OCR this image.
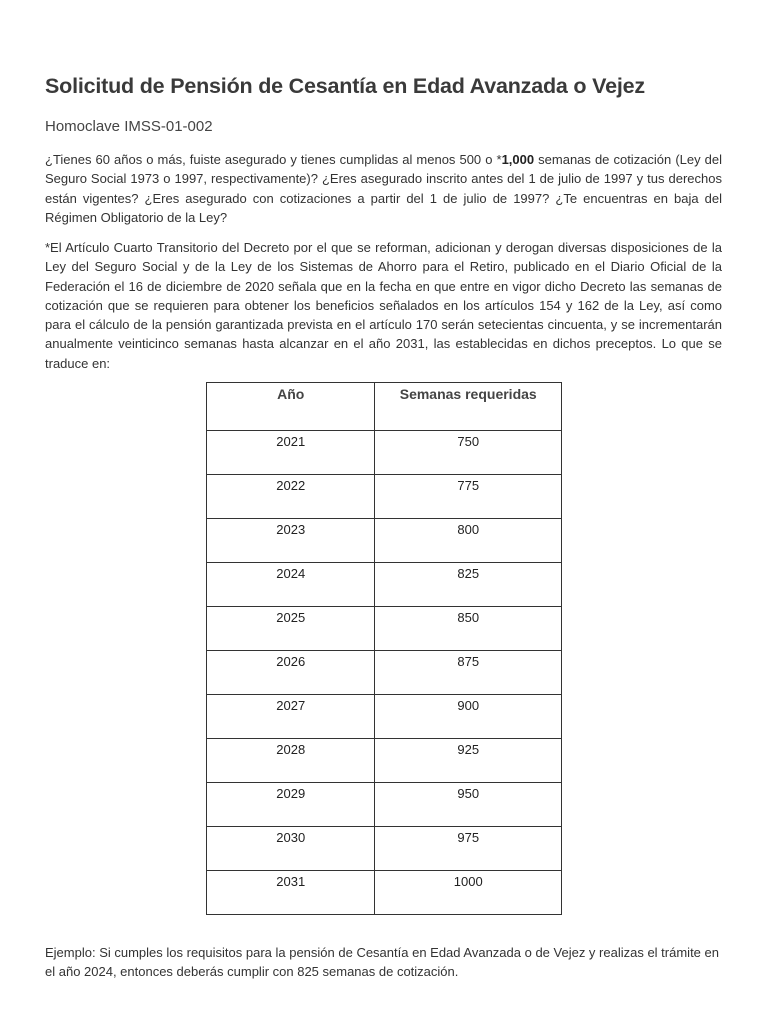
Solicitud de Pensión de Cesantía en Edad Avanzada o Vejez

Homoclave IMSS-01-002

¿Tienes 60 años o más, fuiste asegurado y tienes cumplidas al menos 500 o *1,000 semanas de cotización (Ley del Seguro Social 1973 o 1997, respectivamente)? ¿Eres asegurado inscrito antes del 1 de julio de 1997 y tus derechos están vigentes? ¿Eres asegurado con cotizaciones a partir del 1 de julio de 1997? ¿Te encuentras en baja del Régimen Obligatorio de la Ley?

*El Artículo Cuarto Transitorio del Decreto por el que se reforman, adicionan y derogan diversas disposiciones de la Ley del Seguro Social y de la Ley de los Sistemas de Ahorro para el Retiro, publicado en el Diario Oficial de la Federación el 16 de diciembre de 2020 señala que en la fecha en que entre en vigor dicho Decreto las semanas de cotización que se requieren para obtener los beneficios señalados en los artículos 154 y 162 de la Ley, así como para el cálculo de la pensión garantizada prevista en el artículo 170 serán setecientas cincuenta, y se incrementarán anualmente veinticinco semanas hasta alcanzar en el año 2031, las establecidas en dichos preceptos. Lo que se traduce en:

Año	Semanas requeridas
2021	750
2022	775
2023	800
2024	825
2025	850
2026	875
2027	900
2028	925
2029	950
2030	975
2031	1000

Ejemplo: Si cumples los requisitos para la pensión de Cesantía en Edad Avanzada o de Vejez y realizas el trámite en el año 2024, entonces deberás cumplir con 825 semanas de cotización.
